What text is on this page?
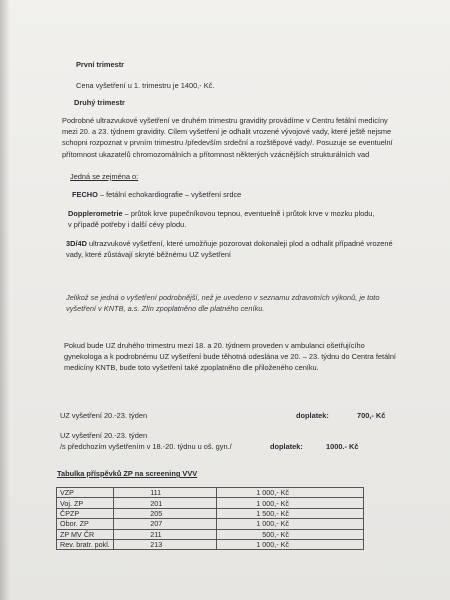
První trimestr
Cena vyšetření u 1. trimestru je 1400,- Kč.
Druhý trimestr
Podrobné ultrazvukové vyšetření ve druhém trimestru gravidity provádíme v Centru fetální medicíny
mezi 20. a 23. týdnem gravidity. Cílem vyšetření je odhalit vrozené vývojové vady, které ještě nejsme
schopni rozpoznat v prvním trimestru /především srdeční a rozštěpové vady/. Posuzuje se eventuelní
přítomnost ukazatelů chromozomálních a přítomnost některých vzácnějších strukturálních vad
Jedná se zejména o:
FECHO – fetální echokardiografie – vyšetření srdce
Dopplerometrie – průtok krve pupečníkovou tepnou, eventuelně i průtok krve v mozku plodu,
v případě potřeby i další cévy plodu.
3D/4D ultrazvukové vyšetření, které umožňuje pozorovat dokonaleji plod a odhalit případné vrozené
vady, které zůstávají skryté běžnému UZ vyšetření
Jelikož se jedná o vyšetření podrobnější, než je uvedeno v seznamu zdravotních výkonů, je toto
vyšetření v KNTB, a.s. Zlín zpoplatněno dle platného ceníku.
Pokud bude UZ druhého trimestru mezi 18. a 20. týdnem proveden v ambulanci ošetřujícího
gynekologa a k podrobnému UZ vyšetření bude těhotná odeslána ve 20. – 23. týdnu do Centra fetální
medicíny KNTB, bude toto vyšetření také zpoplatněno dle přiloženého ceníku.
UZ vyšetření 20.-23. týden	doplatek:	700,- Kč
UZ vyšetření 20.-23. týden
/s předchozím vyšetřením v 18.-20. týdnu u oš. gyn./	doplatek:	1000.- Kč
Tabulka příspěvků ZP na screening VVV
VZP	111	1 000,- Kč
Voj. ZP	201	1 000,- Kč
ČPZP	205	1 500,- Kč
Obor. ZP	207	1 000,- Kč
ZP MV ČR	211	500,- Kč
Rev. bratr. pokl.	213	1 000,- Kč
